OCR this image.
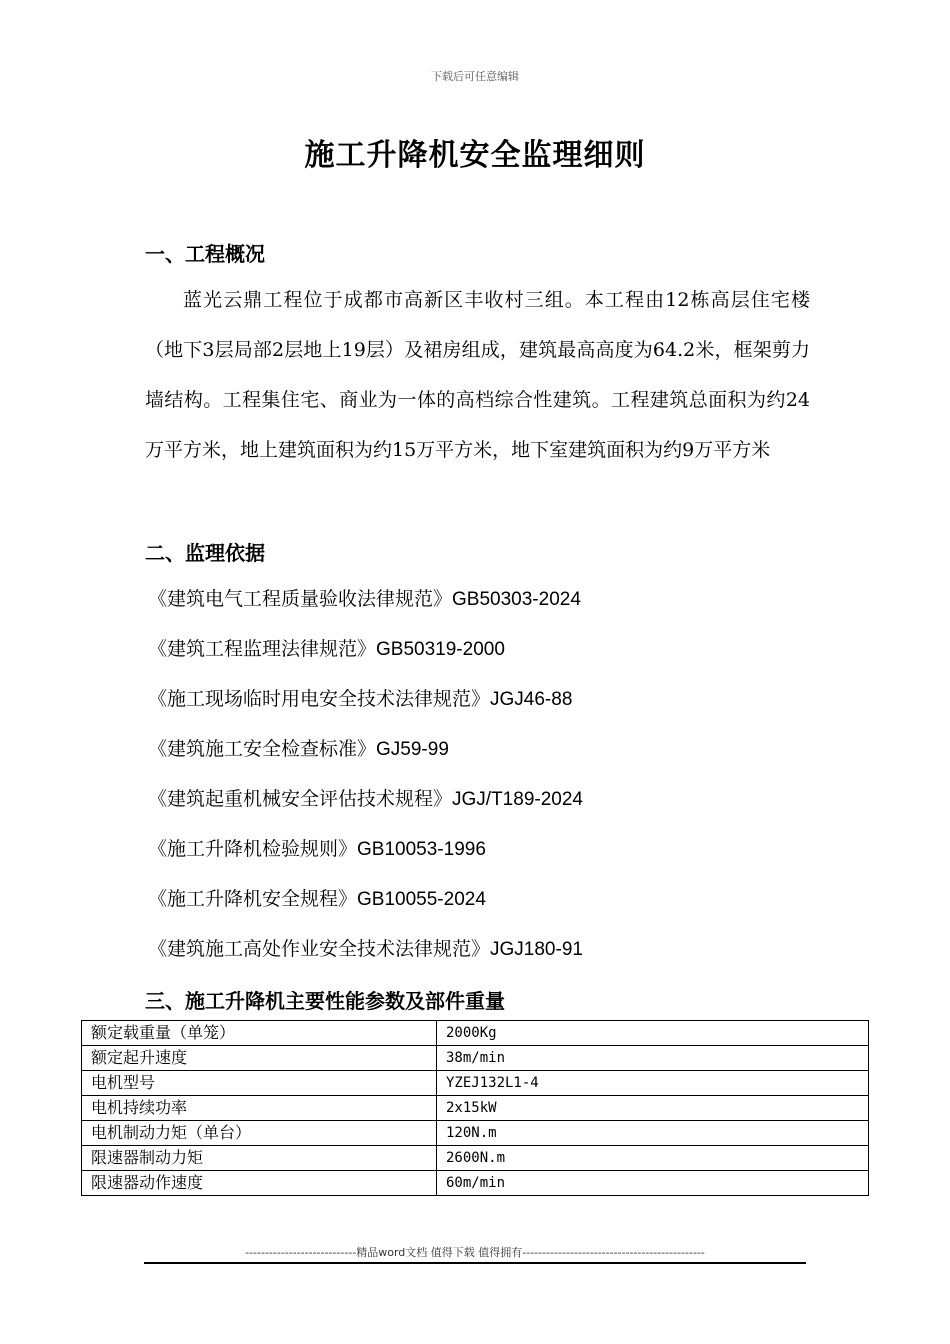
下载后可任意编辑
施工升降机安全监理细则
一、工程概况

蓝光云鼎工程位于成都市高新区丰收村三组。本工程由12栋高层住宅楼（地下3层局部2层地上19层）及裙房组成，建筑最高高度为64.2米，框架剪力墙结构。工程集住宅、商业为一体的高档综合性建筑。工程建筑总面积为约24万平方米，地上建筑面积为约15万平方米，地下室建筑面积为约9万平方米

二、监理依据
《建筑电气工程质量验收法律规范》GB50303-2024
《建筑工程监理法律规范》GB50319-2000
《施工现场临时用电安全技术法律规范》JGJ46-88
《建筑施工安全检查标准》GJ59-99
《建筑起重机械安全评估技术规程》JGJ/T189-2024
《施工升降机检验规则》GB10053-1996
《施工升降机安全规程》GB10055-2024
《建筑施工高处作业安全技术法律规范》JGJ180-91
三、施工升降机主要性能参数及部件重量
额定载重量（单笼）	2000Kg
额定起升速度	38m/min
电机型号	YZEJ132L1-4
电机持续功率	2x15kW
电机制动力矩（单台）	120N.m
限速器制动力矩	2600N.m
限速器动作速度	60m/min
----------------------------精品word文档 值得下载 值得拥有----------------------------------------------
